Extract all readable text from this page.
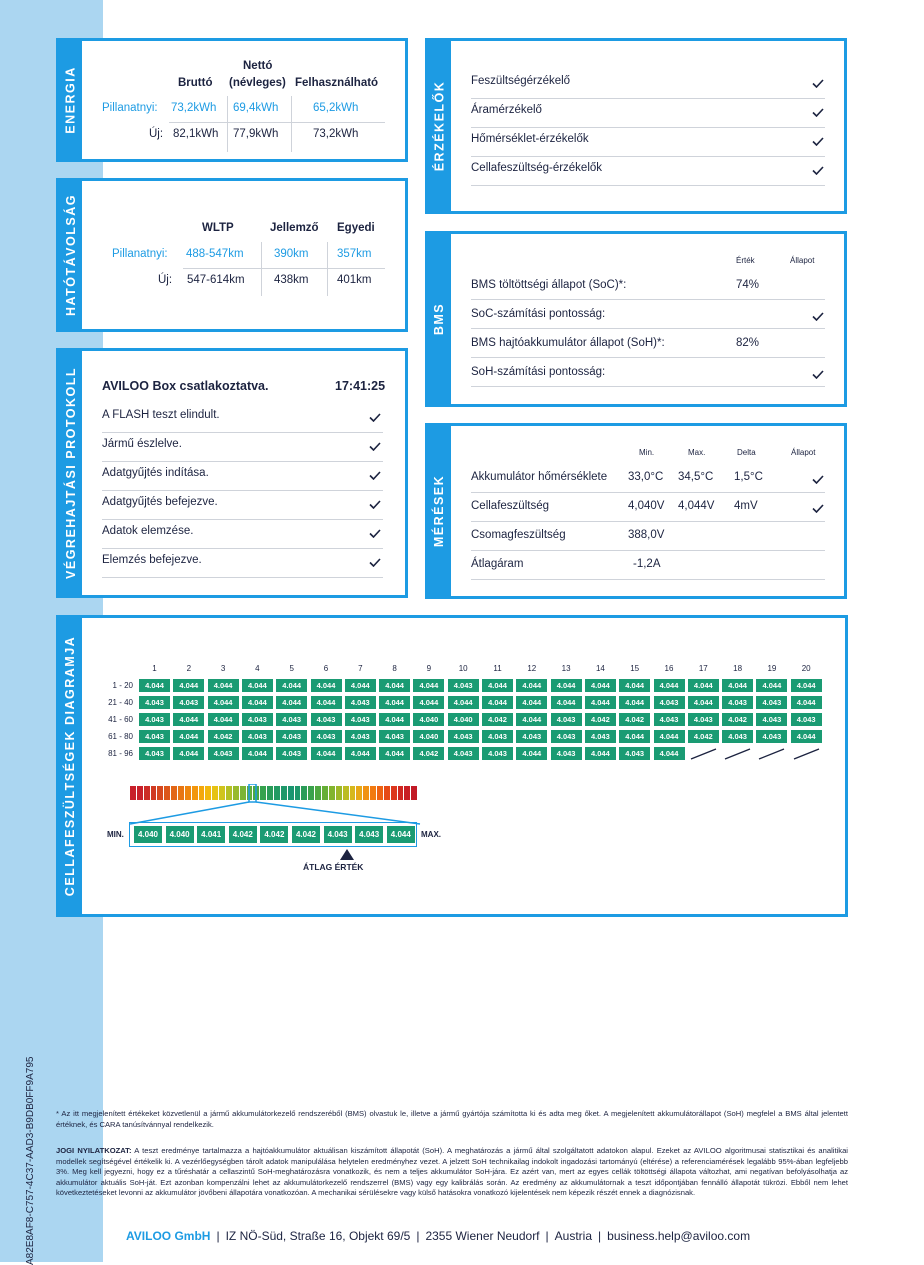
A82E8AF8-C757-4C37-AAD3-B9DB0FF9A795
ENERGIA
Nettó
Bruttó (névleges) Felhasználható
Pillanatnyi: 73,2kWh 69,4kWh	65,2kWh
Új: 82,1kWh 77,9kWh	73,2kWh
HATÓTÁVOLSÁG	WLTP	Jellemző Egyedi
Pillanatnyi: 488-547km	390km 357km
Új: 547-614km	438km 401km
VÉGREHAJTÁSI PROTOKOLL AVILOO Box csatlakoztatva.	17:41:25
A FLASH teszt elindult.
Jármű észlelve.
Adatgyűjtés indítása.
Adatgyűjtés befejezve.
Adatok elemzése.
Elemzés befejezve.
ÉRZÉKELŐK Feszültségérzékelő
Áramérzékelő
Hőmérséklet-érzékelők
Cellafeszültség-érzékelők
BMS
Érték	Állapot
BMS töltöttségi állapot (SoC)*:	74%
SoC-számítási pontosság:
BMS hajtóakkumulátor állapot (SoH)*:	82%
SoH-számítási pontosság:
MÉRÉSEK
Min.	Max.	Delta	Állapot
Akkumulátor hőmérséklete 33,0°C 34,5°C 1,5°C
Cellafeszültség	4,040V 4,044V 4mV
Csomagfeszültség	388,0V
Átlagáram	-1,2A
CELLAFESZÜLTSÉGEK DIAGRAMJA	1	2	3	4	5	6	7	8	9	10	11	12	13	14	15	16	17	18	19	20
1 - 20	4.044	4.044	4.044	4.044	4.044	4.044	4.044	4.044	4.044	4.043	4.044	4.044	4.044	4.044	4.044	4.044	4.044	4.044	4.044	4.044
21 - 40	4.043	4.043	4.044	4.044	4.044	4.044	4.043	4.044	4.044	4.044	4.044	4.044	4.044	4.044	4.044	4.043	4.044	4.043	4.043	4.044
41 - 60	4.043	4.044	4.044	4.043	4.043	4.043	4.043	4.044	4.040	4.040	4.042	4.044	4.043	4.042	4.042	4.043	4.043	4.042	4.043	4.043
61 - 80	4.043	4.044	4.042	4.043	4.043	4.043	4.043	4.043	4.040	4.043	4.043	4.043	4.043	4.043	4.044	4.044	4.042	4.043	4.043	4.044
81 - 96	4.043	4.044	4.043	4.044	4.043	4.044	4.044	4.044	4.042	4.043	4.043	4.044	4.043	4.044	4.043	4.044
MIN.	4.040	4.040	4.041	4.042	4.042	4.042	4.043	4.043	4.044	MAX.
ÁTLAG ÉRTÉK
* Az itt megjelenített értékeket közvetlenül a jármű akkumulátorkezelő rendszeréből (BMS) olvastuk le, illetve a jármű gyártója számította ki és adta meg őket. A megjelenített akkumulátorállapot (SoH) megfelel a BMS által jelentett értéknek, és CARA tanúsítvánnyal rendelkezik.
JOGI NYILATKOZAT: A teszt eredménye tartalmazza a hajtóakkumulátor aktuálisan kiszámított állapotát (SoH). A meghatározás a jármű által szolgáltatott adatokon alapul. Ezeket az AVILOO algoritmusai statisztikai és analitikai modellek segítségével értékelik ki. A vezérlőegységben tárolt adatok manipulálása helytelen eredményhez vezet. A jelzett SoH technikailag indokolt ingadozási tartományú (eltérése) a referenciamérések legalább 95%-ában legfeljebb 3%. Meg kell jegyezni, hogy ez a tűréshatár a cellaszintű SoH-meghatározásra vonatkozik, és nem a teljes akkumulátor SoH-jára. Ez azért van, mert az egyes cellák töltöttségi állapota változhat, ami negatívan befolyásolhatja az akkumulátor aktuális SoH-ját. Ezt azonban kompenzálni lehet az akkumulátorkezelő rendszerrel (BMS) vagy egy kalibrálás során. Az eredmény az akkumulátornak a teszt időpontjában fennálló állapotát tükrözi. Ebből nem lehet következtetéseket levonni az akkumulátor jövőbeni állapotára vonatkozóan. A mechanikai sérülésekre vagy külső hatásokra vonatkozó kijelentések nem képezik részét ennek a diagnózisnak.
AVILOO GmbH | IZ NÖ-Süd, Straße 16, Objekt 69/5 | 2355 Wiener Neudorf | Austria | business.help@aviloo.com
